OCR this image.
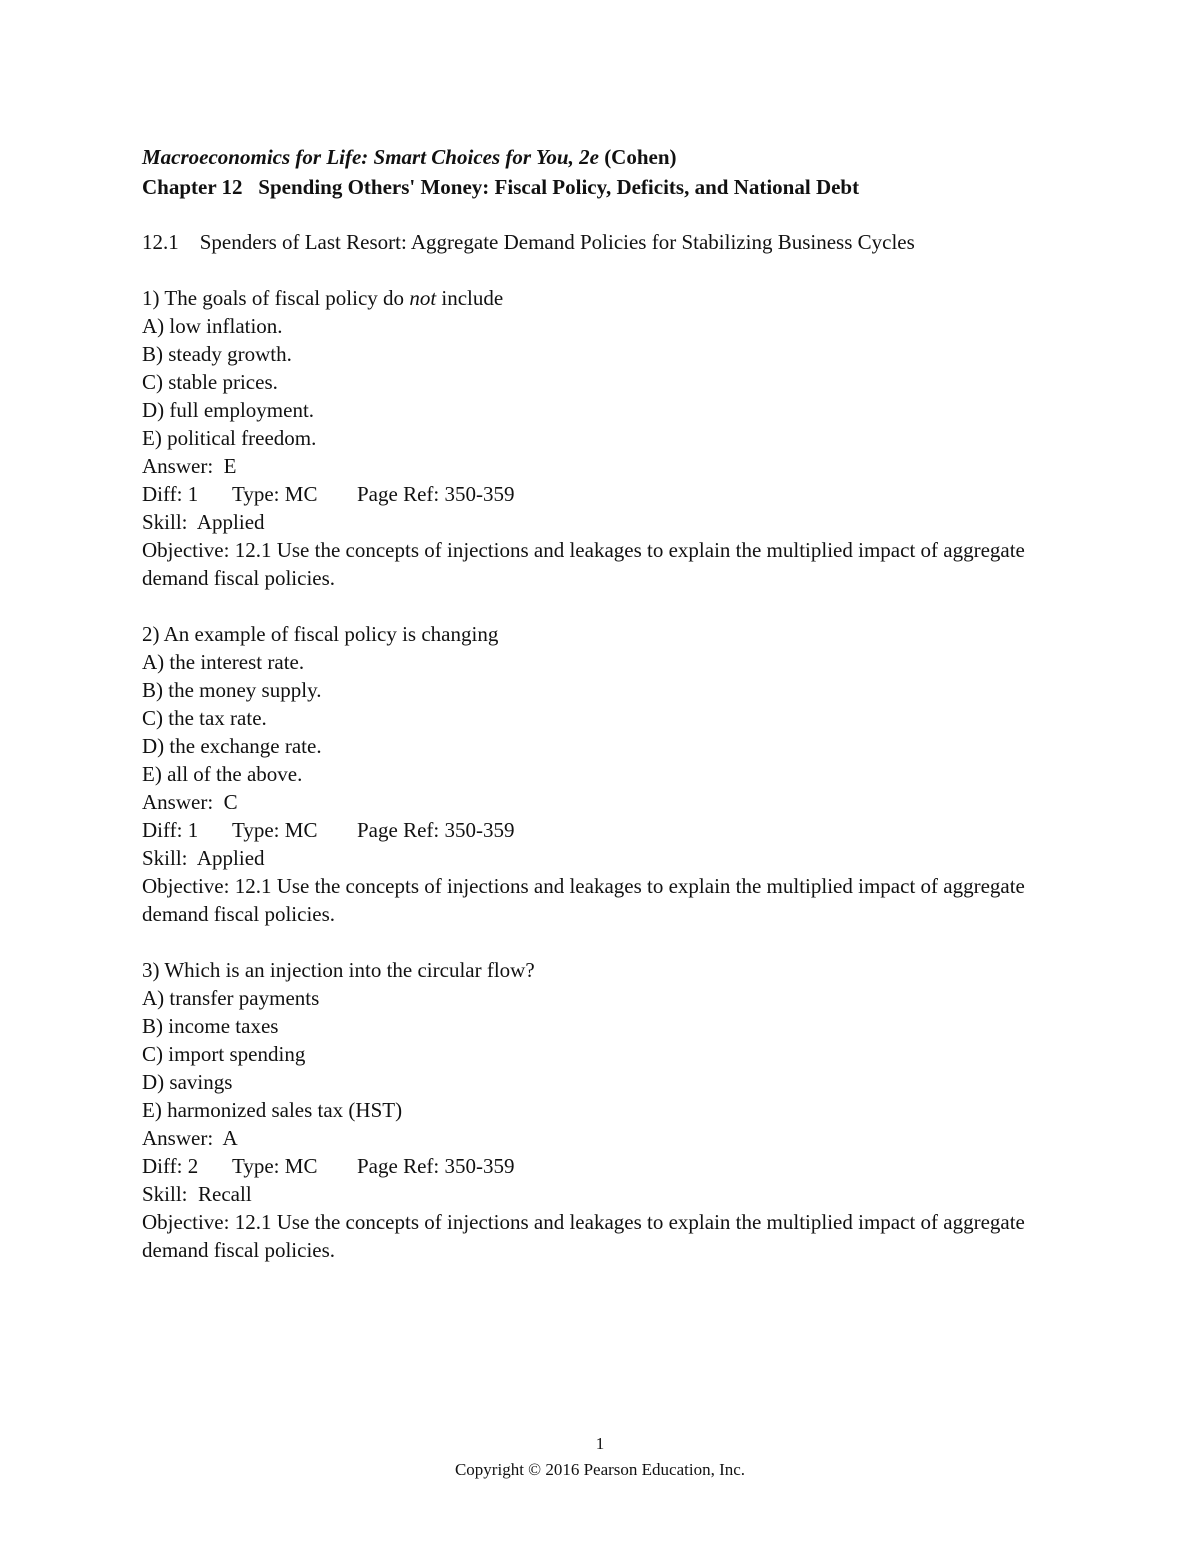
Macroeconomics for Life: Smart Choices for You, 2e (Cohen)
Chapter 12   Spending Others' Money: Fiscal Policy, Deficits, and National Debt
12.1    Spenders of Last Resort: Aggregate Demand Policies for Stabilizing Business Cycles
1) The goals of fiscal policy do not include
A) low inflation.
B) steady growth.
C) stable prices.
D) full employment.
E) political freedom.
Answer:  E
Diff: 1	Type: MC	Page Ref: 350-359
Skill:  Applied
Objective: 12.1 Use the concepts of injections and leakages to explain the multiplied impact of aggregate demand fiscal policies.
2) An example of fiscal policy is changing
A) the interest rate.
B) the money supply.
C) the tax rate.
D) the exchange rate.
E) all of the above.
Answer:  C
Diff: 1	Type: MC	Page Ref: 350-359
Skill:  Applied
Objective: 12.1 Use the concepts of injections and leakages to explain the multiplied impact of aggregate demand fiscal policies.
3) Which is an injection into the circular flow?
A) transfer payments
B) income taxes
C) import spending
D) savings
E) harmonized sales tax (HST)
Answer:  A
Diff: 2	Type: MC	Page Ref: 350-359
Skill:  Recall
Objective: 12.1 Use the concepts of injections and leakages to explain the multiplied impact of aggregate demand fiscal policies.
1
Copyright © 2016 Pearson Education, Inc.
